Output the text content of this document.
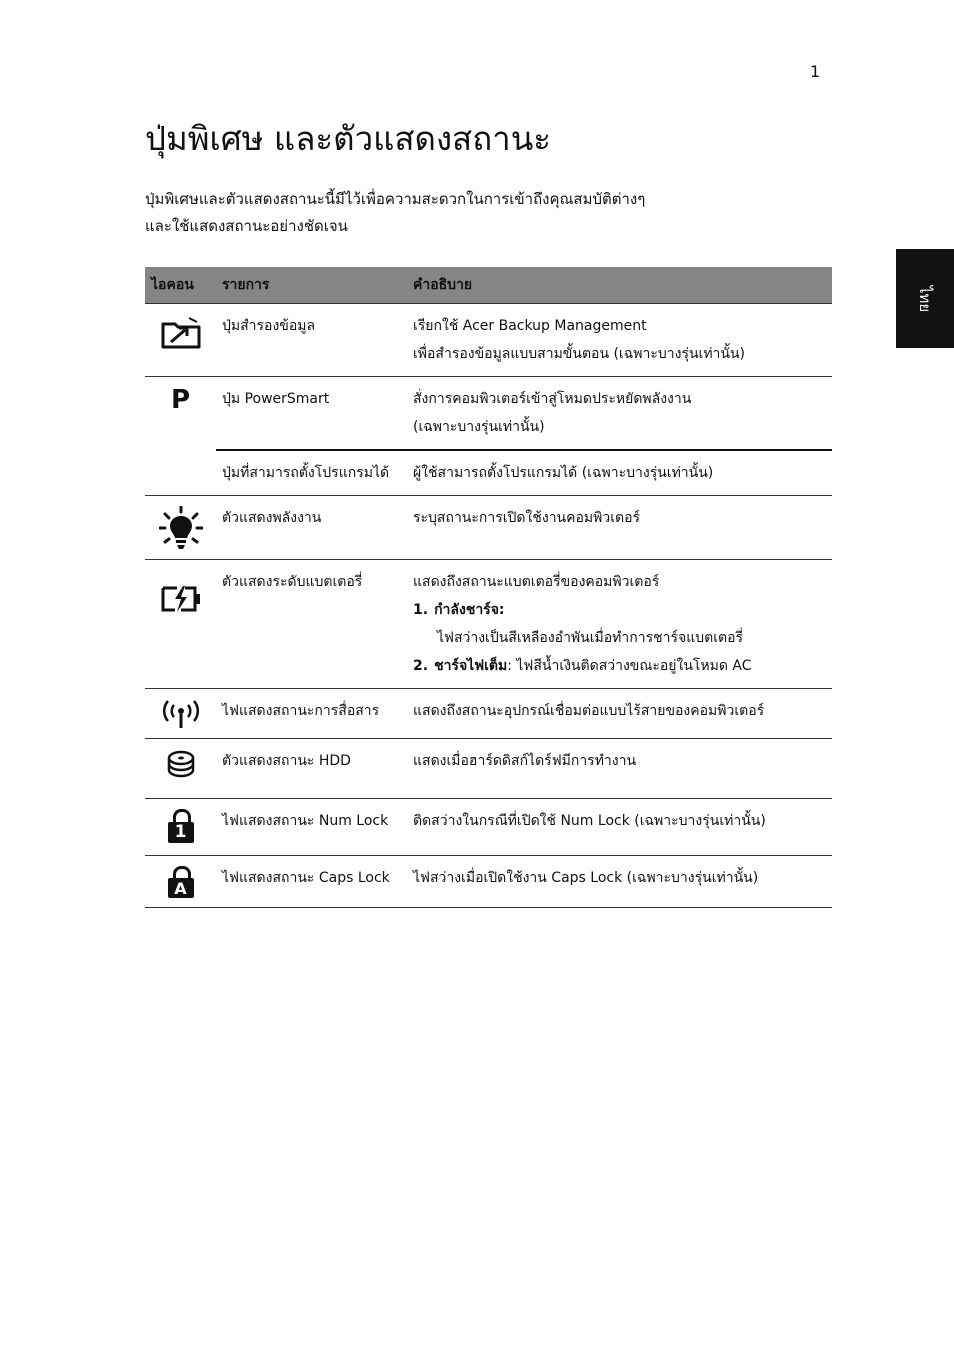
1
ไทย
ปุ่มพิเศษ และตัวแสดงสถานะ
ปุ่มพิเศษและตัวแสดงสถานะนี้มีไว้เพื่อความสะดวกในการเข้าถึงคุณสมบัติต่างๆ
และใช้แสดงสถานะอย่างชัดเจน
ไอคอน	รายการ	คำอธิบาย

	ปุ่มสำรองข้อมูล	เรียกใช้ Acer Backup Management
เพื่อสำรองข้อมูลแบบสามขั้นตอน (เฉพาะบางรุ่นเท่านั้น)

P	ปุ่ม PowerSmart	สั่งการคอมพิวเตอร์เข้าสู่โหมดประหยัดพลังงาน
(เฉพาะบางรุ่นเท่านั้น)

	ปุ่มที่สามารถตั้งโปรแกรมได้	ผู้ใช้สามารถตั้งโปรแกรมได้ (เฉพาะบางรุ่นเท่านั้น)

	ตัวแสดงพลังงาน	ระบุสถานะการเปิดใช้งานคอมพิวเตอร์

	ตัวแสดงระดับแบตเตอรี่	แสดงถึงสถานะแบตเตอรี่ของคอมพิวเตอร์
1. กำลังชาร์จ:
ไฟสว่างเป็นสีเหลืองอำพันเมื่อทำการชาร์จแบตเตอรี่
2. ชาร์จไฟเต็ม: ไฟสีน้ำเงินติดสว่างขณะอยู่ในโหมด AC

	ไฟแสดงสถานะการสื่อสาร	แสดงถึงสถานะอุปกรณ์เชื่อมต่อแบบไร้สายของคอมพิวเตอร์

	ตัวแสดงสถานะ HDD	แสดงเมื่อฮาร์ดดิสก์ไดร์ฟมีการทำงาน

1	ไฟแสดงสถานะ Num Lock	ติดสว่างในกรณีที่เปิดใช้ Num Lock (เฉพาะบางรุ่นเท่านั้น)

A	ไฟแสดงสถานะ Caps Lock	ไฟสว่างเมื่อเปิดใช้งาน Caps Lock (เฉพาะบางรุ่นเท่านั้น)
